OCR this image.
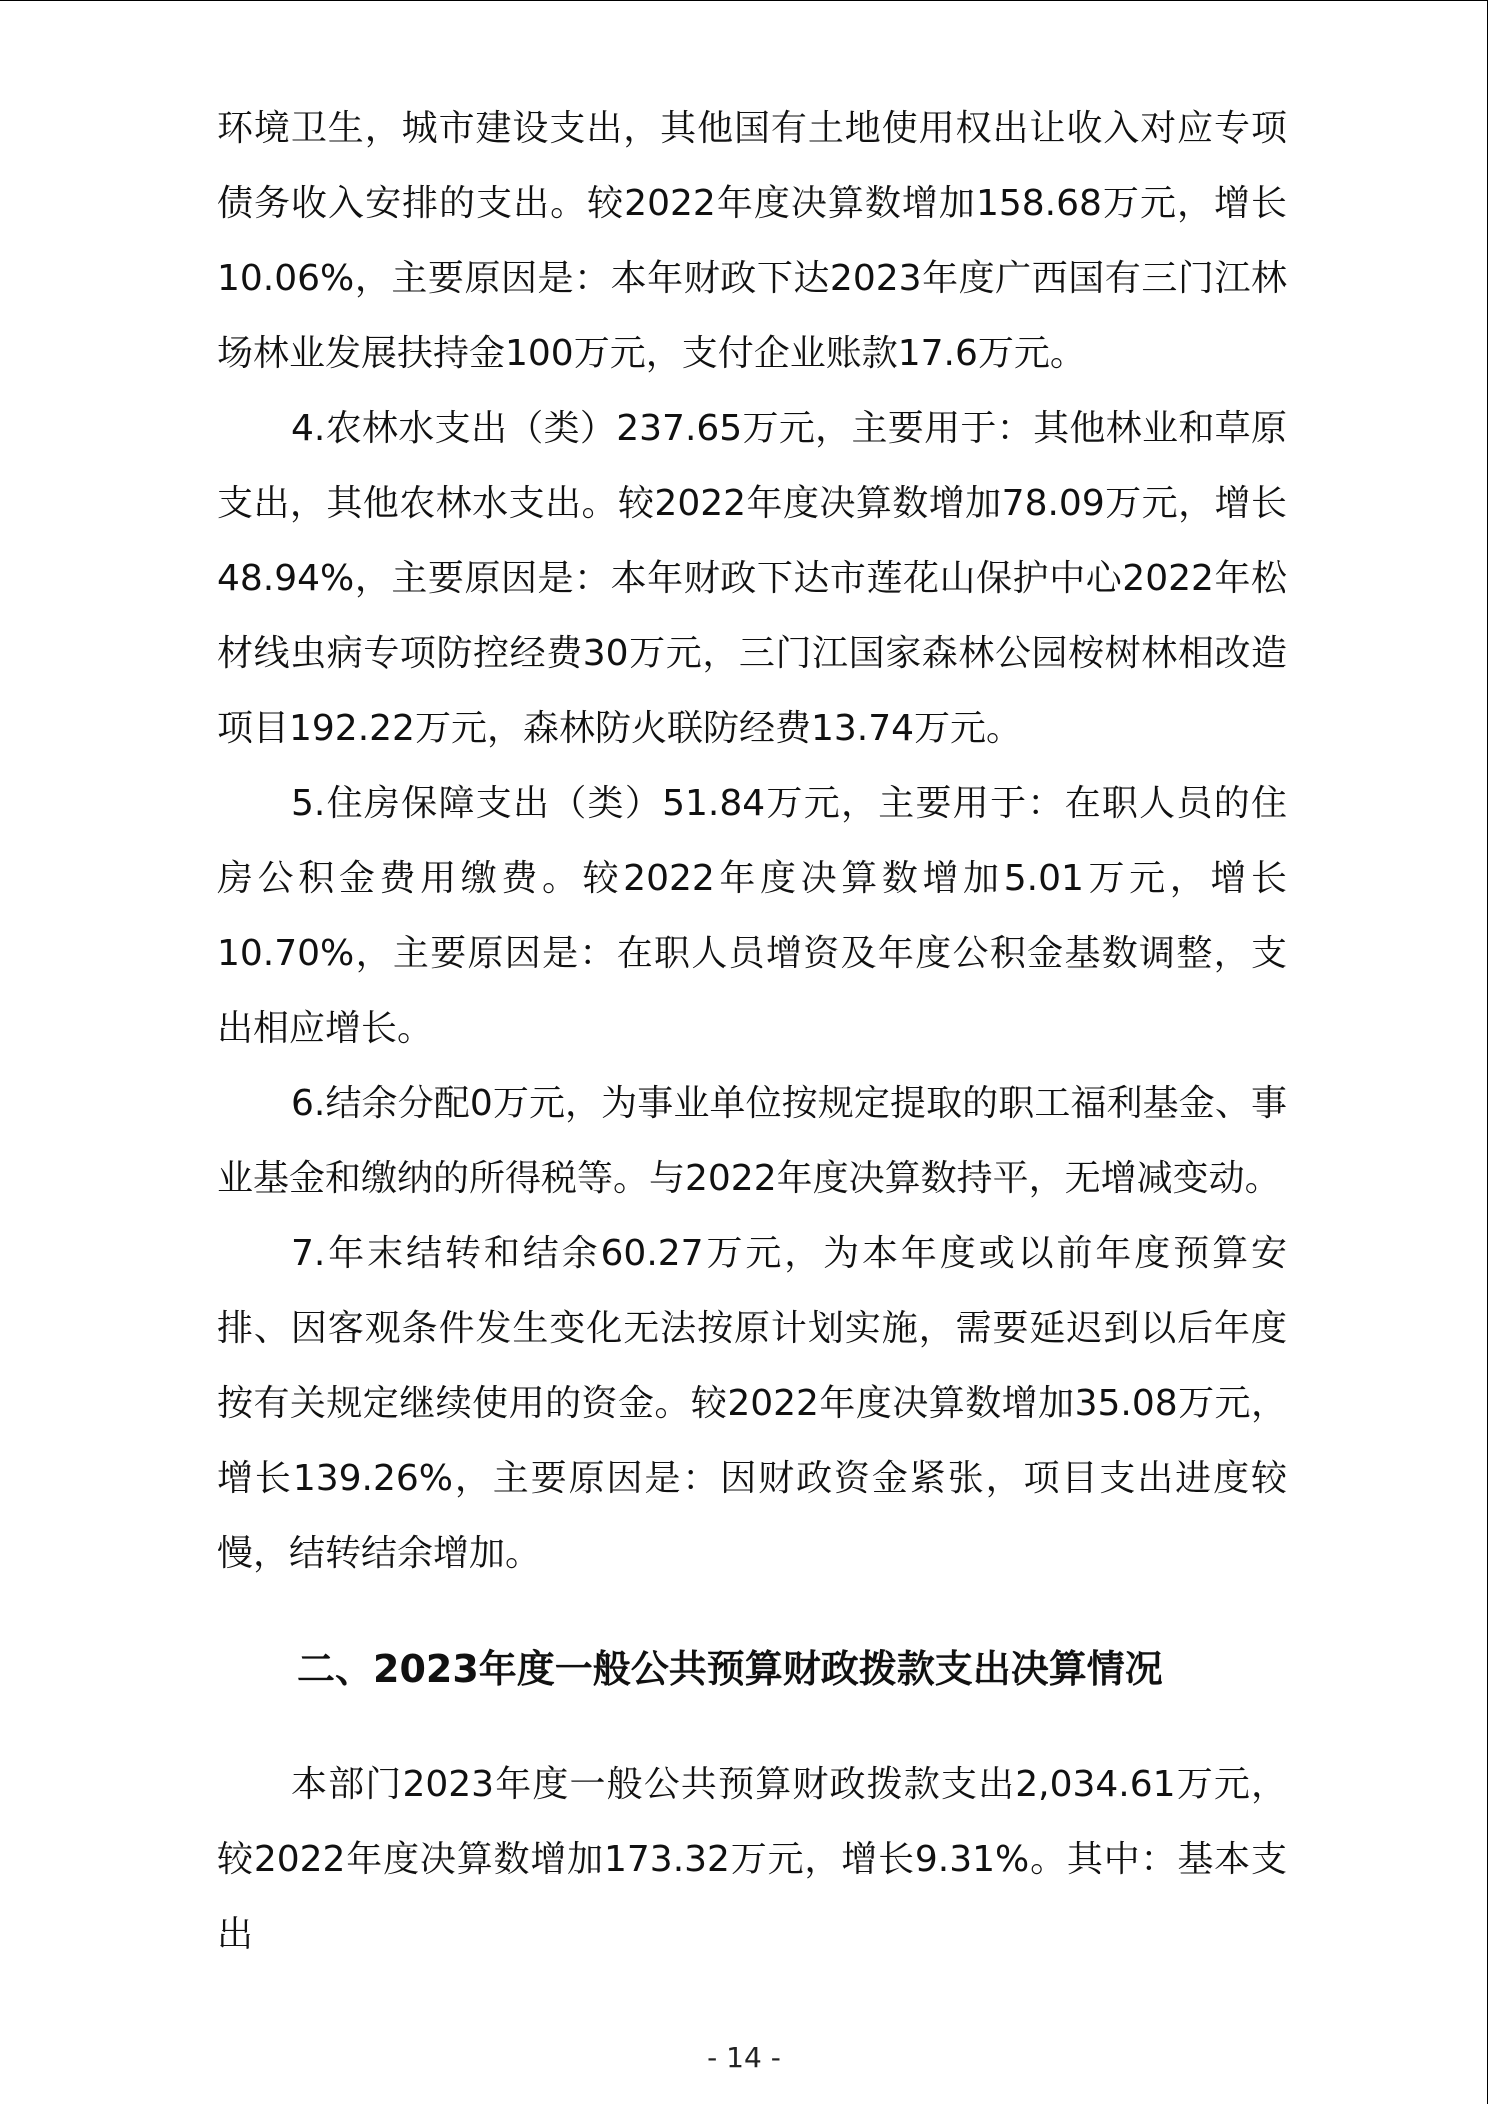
环境卫生，城市建设支出，其他国有土地使用权出让收入对应专项债务收入安排的支出。较2022年度决算数增加158.68万元，增长10.06%，主要原因是：本年财政下达2023年度广西国有三门江林场林业发展扶持金100万元，支付企业账款17.6万元。

4.农林水支出（类）237.65万元，主要用于：其他林业和草原支出，其他农林水支出。较2022年度决算数增加78.09万元，增长48.94%，主要原因是：本年财政下达市莲花山保护中心2022年松材线虫病专项防控经费30万元，三门江国家森林公园桉树林相改造项目192.22万元，森林防火联防经费13.74万元。

5.住房保障支出（类）51.84万元，主要用于：在职人员的住房公积金费用缴费。较2022年度决算数增加5.01万元，增长10.70%，主要原因是：在职人员增资及年度公积金基数调整，支出相应增长。

6.结余分配0万元，为事业单位按规定提取的职工福利基金、事业基金和缴纳的所得税等。与2022年度决算数持平，无增减变动。

7.年末结转和结余60.27万元，为本年度或以前年度预算安排、因客观条件发生变化无法按原计划实施，需要延迟到以后年度按有关规定继续使用的资金。较2022年度决算数增加35.08万元，增长139.26%，主要原因是：因财政资金紧张，项目支出进度较慢，结转结余增加。

二、2023年度一般公共预算财政拨款支出决算情况

本部门2023年度一般公共预算财政拨款支出2,034.61万元，较2022年度决算数增加173.32万元，增长9.31%。其中：基本支出

- 14 -
